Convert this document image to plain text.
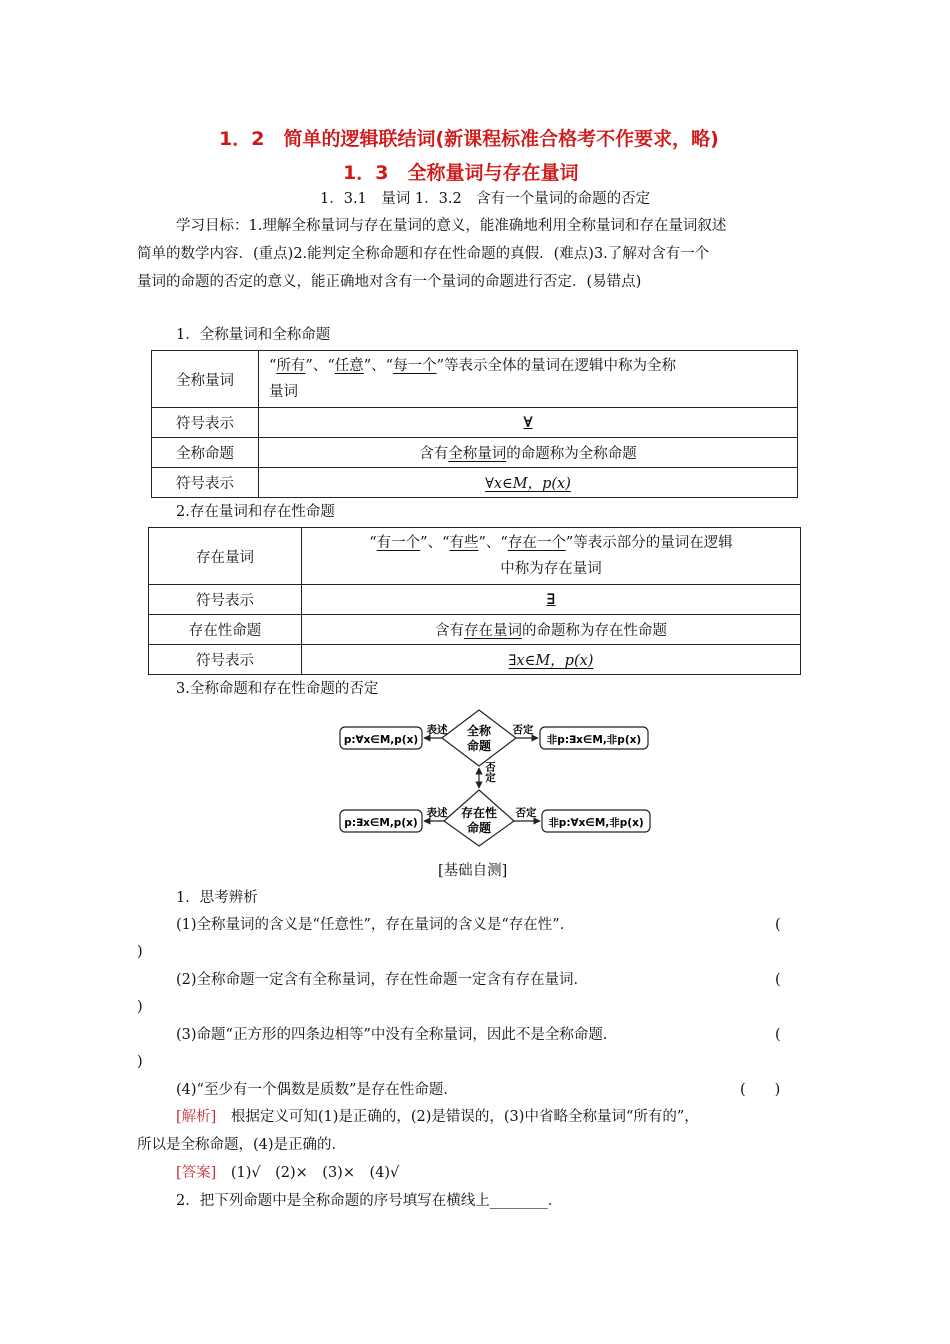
1．2　简单的逻辑联结词(新课程标准合格考不作要求，略)
1．3　全称量词与存在量词
1．3.1　量词 1．3.2　含有一个量词的命题的否定
学习目标：1.理解全称量词与存在量词的意义，能准确地利用全称量词和存在量词叙述
简单的数学内容．(重点)2.能判定全称命题和存在性命题的真假．(难点)3.了解对含有一个
量词的命题的否定的意义，能正确地对含有一个量词的命题进行否定．(易错点)
1．全称量词和全称命题
全称量词	“所有”、“任意”、“每一个”等表示全体的量词在逻辑中称为全称
量词
符号表示	∀
全称命题	含有全称量词的命题称为全称命题
符号表示	∀x∈M，p(x)
2.存在量词和存在性命题
存在量词	“有一个”、“有些”、“存在一个”等表示部分的量词在逻辑
中称为存在量词
符号表示	∃
存在性命题	含有存在量词的命题称为存在性命题
符号表示	∃x∈M，p(x)
3.全称命题和存在性命题的否定
p:∀x∈M,p(x)
表述 全称
命题
否定
非p:∃x∈M,非p(x)
否定
p:∃x∈M,p(x)
表述 存在性
命题
否定
非p:∀x∈M,非p(x)
[基础自测]
1．思考辨析
(1)全称量词的含义是“任意性”，存在量词的含义是“存在性”．	(
)
(2)全称命题一定含有全称量词，存在性命题一定含有存在量词．	(
)
(3)命题“正方形的四条边相等”中没有全称量词，因此不是全称命题．	(
)
(4)“至少有一个偶数是质数”是存在性命题．	(　　)
[解析]　根据定义可知(1)是正确的，(2)是错误的，(3)中省略全称量词“所有的”，
所以是全称命题，(4)是正确的．
[答案]　(1)√　(2)×　(3)×　(4)√
2．把下列命题中是全称命题的序号填写在横线上________．
